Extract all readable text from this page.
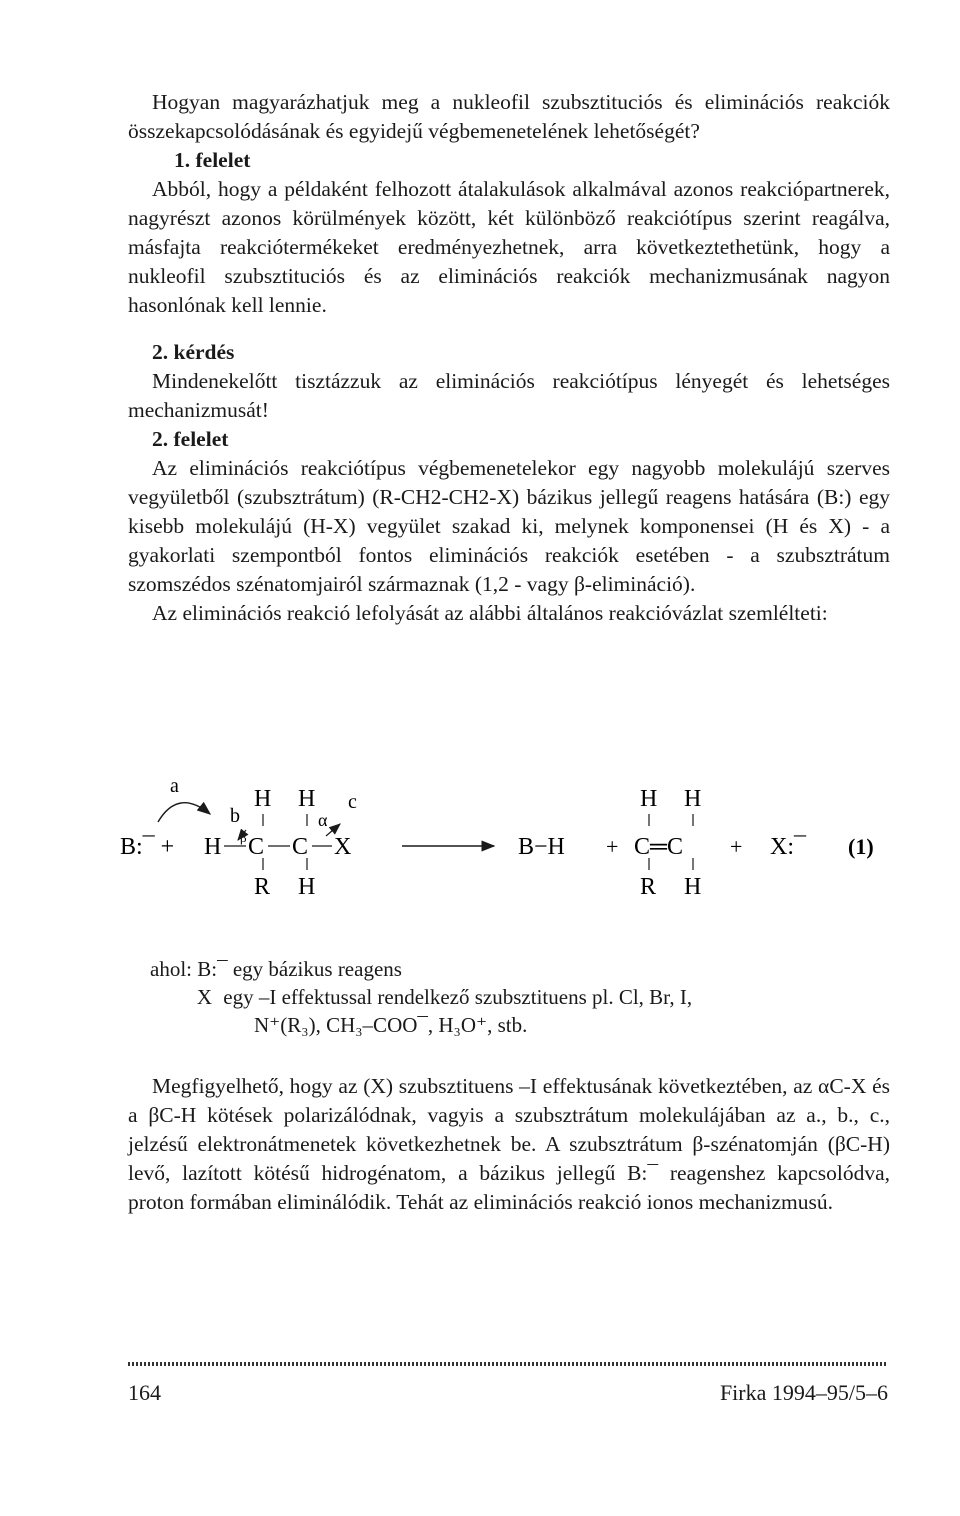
Hogyan magyarázhatjuk meg a nukleofil szubsztituciós és eliminációs reakciók összekapcsolódásának és egyidejű végbemenetelének lehetőségét?

1. felelet

Abból, hogy a példaként felhozott átalakulások alkalmával azonos reakciópartnerek, nagyrészt azonos körülmények között, két különböző reakciótípus szerint reagálva, másfajta reakciótermékeket eredményezhetnek, arra következtethetünk, hogy a nukleofil szubsztituciós és az eliminációs reakciók mechanizmusának nagyon hasonlónak kell lennie.

2. kérdés

Mindenekelőtt tisztázzuk az eliminációs reakciótípus lényegét és lehetséges mechanizmusát!

2. felelet

Az eliminációs reakciótípus végbemenetelekor egy nagyobb molekulájú szerves vegyületből (szubsztrátum) (R-CH2-CH2-X) bázikus jellegű reagens hatására (B:) egy kisebb molekulájú (H-X) vegyület szakad ki, melynek komponensei (H és X) - a gyakorlati szempontból fontos eliminációs reakciók esetében - a szubsztrátum szomszédos szénatomjairól származnak (1,2 - vagy β-elimináció).

Az eliminációs reakció lefolyását az alábbi általános reakcióvázlat szemlélteti:

a
b
β
α
c
H H
B:¯ + H C C X
R H
B−H +
H H
C═C
R H
+ X:¯ (1)
ahol: B:¯ egy bázikus reagens
X egy –I effektussal rendelkező szubsztituens pl. Cl, Br, I,
N⁺(R₃), CH₃–COO¯, H₃O⁺, stb.

Megfigyelhető, hogy az (X) szubsztituens –I effektusának következtében, az αC-X és a βC-H kötések polarizálódnak, vagyis a szubsztrátum molekulájában az a., b., c., jelzésű elektronátmenetek következhetnek be. A szubsztrátum β-szénatomján (βC-H) levő, lazított kötésű hidrogénatom, a bázikus jellegű B:¯ reagenshez kapcsolódva, proton formában eliminálódik. Tehát az eliminációs reakció ionos mechanizmusú.

164	Firka 1994–95/5–6
